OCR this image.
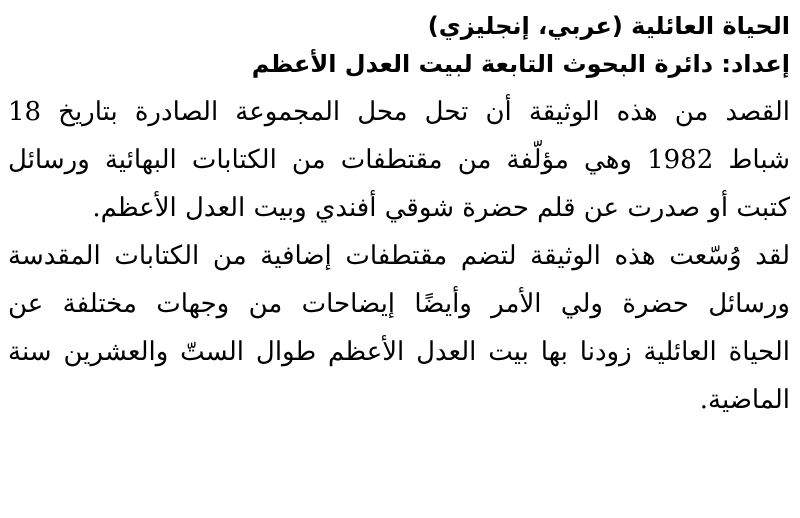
الحياة العائلية (عربي، إنجليزي)
إعداد: دائرة البحوث التابعة لبيت العدل الأعظم

القصد من هذه الوثيقة أن تحل محل المجموعة الصادرة بتاريخ 18
شباط 1982 وهي مؤلّفة من مقتطفات من الكتابات البهائية ورسائل
كتبت أو صدرت عن قلم حضرة شوقي أفندي وبيت العدل الأعظم.

لقد وُسّعت هذه الوثيقة لتضم مقتطفات إضافية من الكتابات المقدسة
ورسائل حضرة ولي الأمر وأيضًا إيضاحات من وجهات مختلفة عن
الحياة العائلية زودنا بها بيت العدل الأعظم طوال الستّ والعشرين سنة
الماضية.
